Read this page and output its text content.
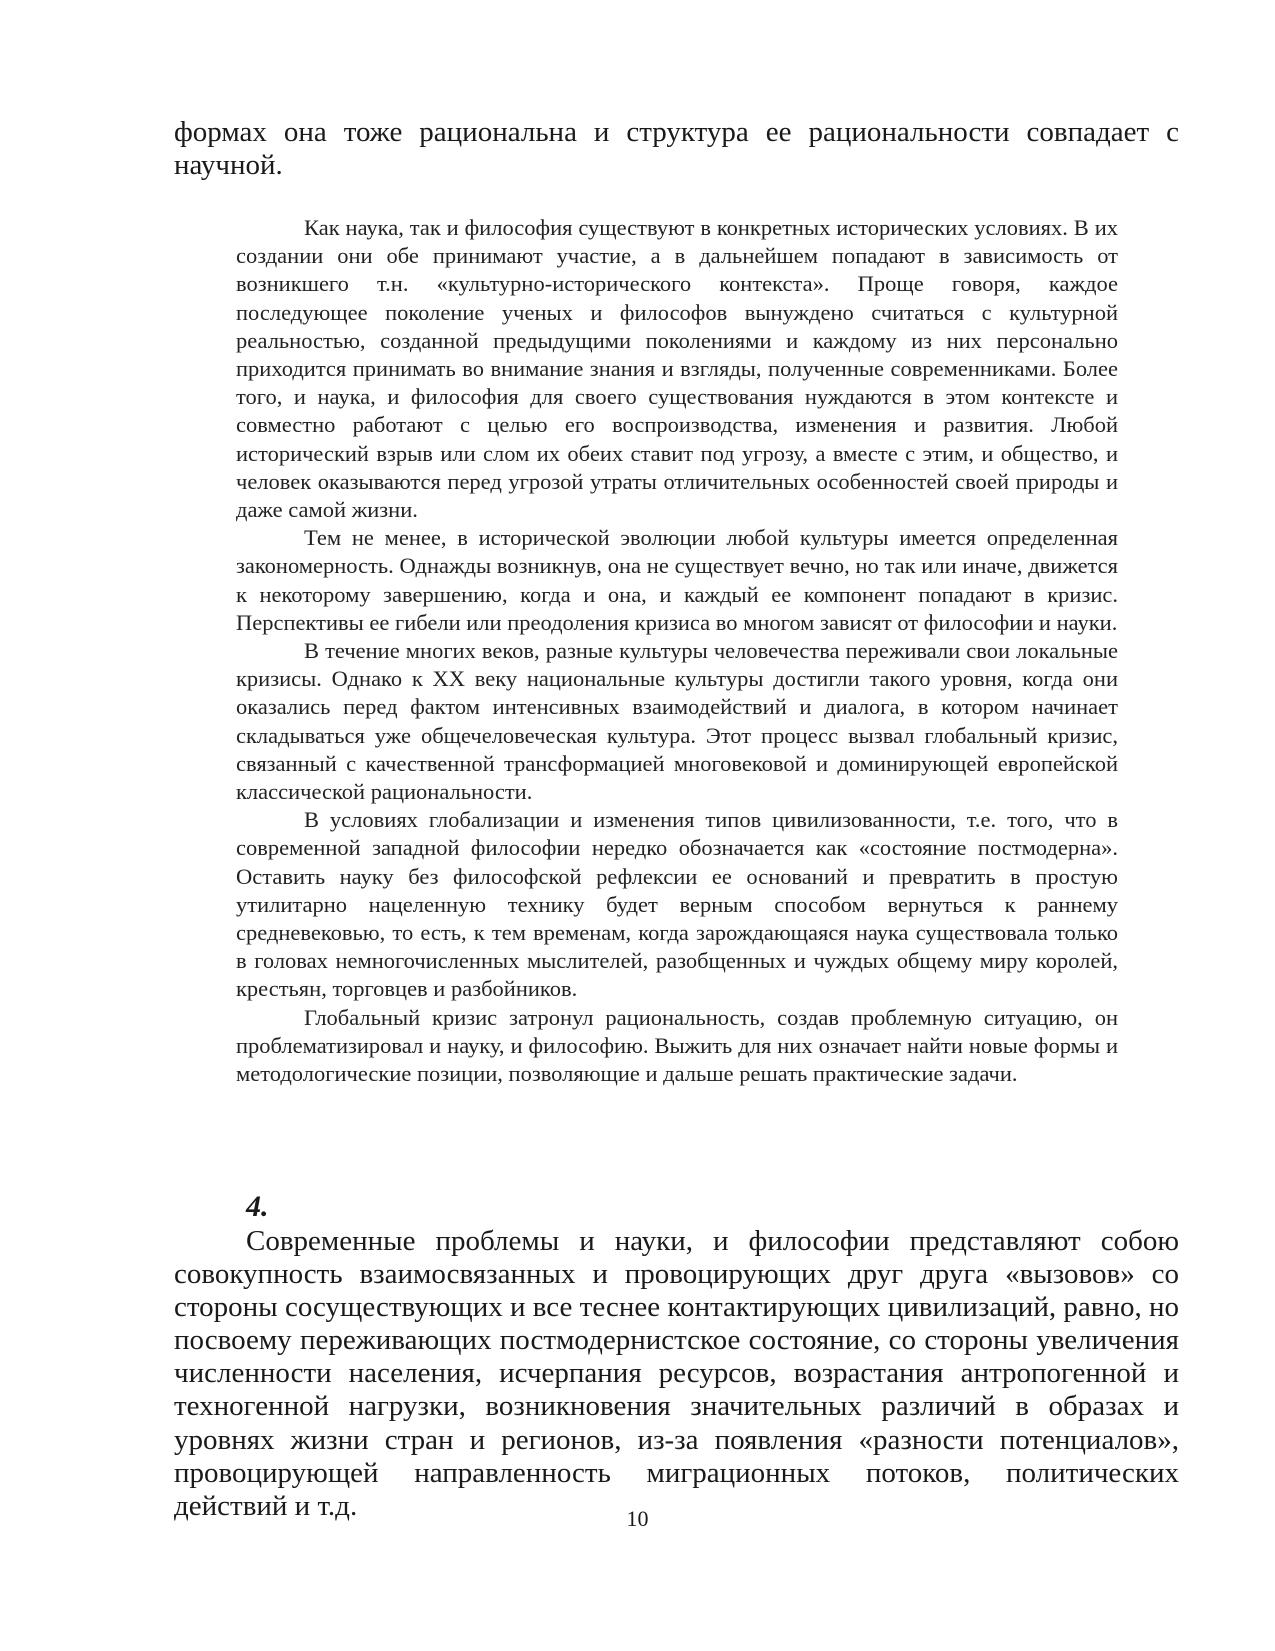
формах она тоже рациональна и структура ее рациональности совпадает с научной.

Как наука, так и философия существуют в конкретных исторических условиях. В их создании они обе принимают участие, а в дальнейшем попадают в зависимость от возникшего т.н. «культурно-исторического контекста». Проще говоря, каждое последующее поколение ученых и философов вынуждено считаться с культурной реальностью, созданной предыдущими поколениями и каждому из них персонально приходится принимать во внимание знания и взгляды, полученные современниками. Более того, и наука, и философия для своего существования нуждаются в этом контексте и совместно работают с целью его воспроизводства, изменения и развития. Любой исторический взрыв или слом их обеих ставит под угрозу, а вместе с этим, и общество, и человек оказываются перед угрозой утраты отличительных особенностей своей природы и даже самой жизни.

Тем не менее, в исторической эволюции любой культуры имеется определенная закономерность. Однажды возникнув, она не существует вечно, но так или иначе, движется к некоторому завершению, когда и она, и каждый ее компонент попадают в кризис. Перспективы ее гибели или преодоления кризиса во многом зависят от философии и науки.

В течение многих веков, разные культуры человечества переживали свои локальные кризисы. Однако к XX веку национальные культуры достигли такого уровня, когда они оказались перед фактом интенсивных взаимодействий и диалога, в котором начинает складываться уже общечеловеческая культура. Этот процесс вызвал глобальный кризис, связанный с качественной трансформацией многовековой и доминирующей европейской классической рациональности.

В условиях глобализации и изменения типов цивилизованности, т.е. того, что в современной западной философии нередко обозначается как «состояние постмодерна». Оставить науку без философской рефлексии ее оснований и превратить в простую утилитарно нацеленную технику будет верным способом вернуться к раннему средневековью, то есть, к тем временам, когда зарождающаяся наука существовала только в головах немногочисленных мыслителей, разобщенных и чуждых общему миру королей, крестьян, торговцев и разбойников.

Глобальный кризис затронул рациональность, создав проблемную ситуацию, он проблематизировал и науку, и философию. Выжить для них означает найти новые формы и методологические позиции, позволяющие и дальше решать практические задачи.

4.

Современные проблемы и науки, и философии представляют собою совокупность взаимосвязанных и провоцирующих друг друга «вызовов» со стороны сосуществующих и все теснее контактирующих цивилизаций, равно, но посвоему переживающих постмодернистское состояние, со стороны увеличения численности населения, исчерпания ресурсов, возрастания антропогенной и техногенной нагрузки, возникновения значительных различий в образах и уровнях жизни стран и регионов, из-за появления «разности потенциалов», провоцирующей направленность миграционных потоков, политических действий и т.д.	10
